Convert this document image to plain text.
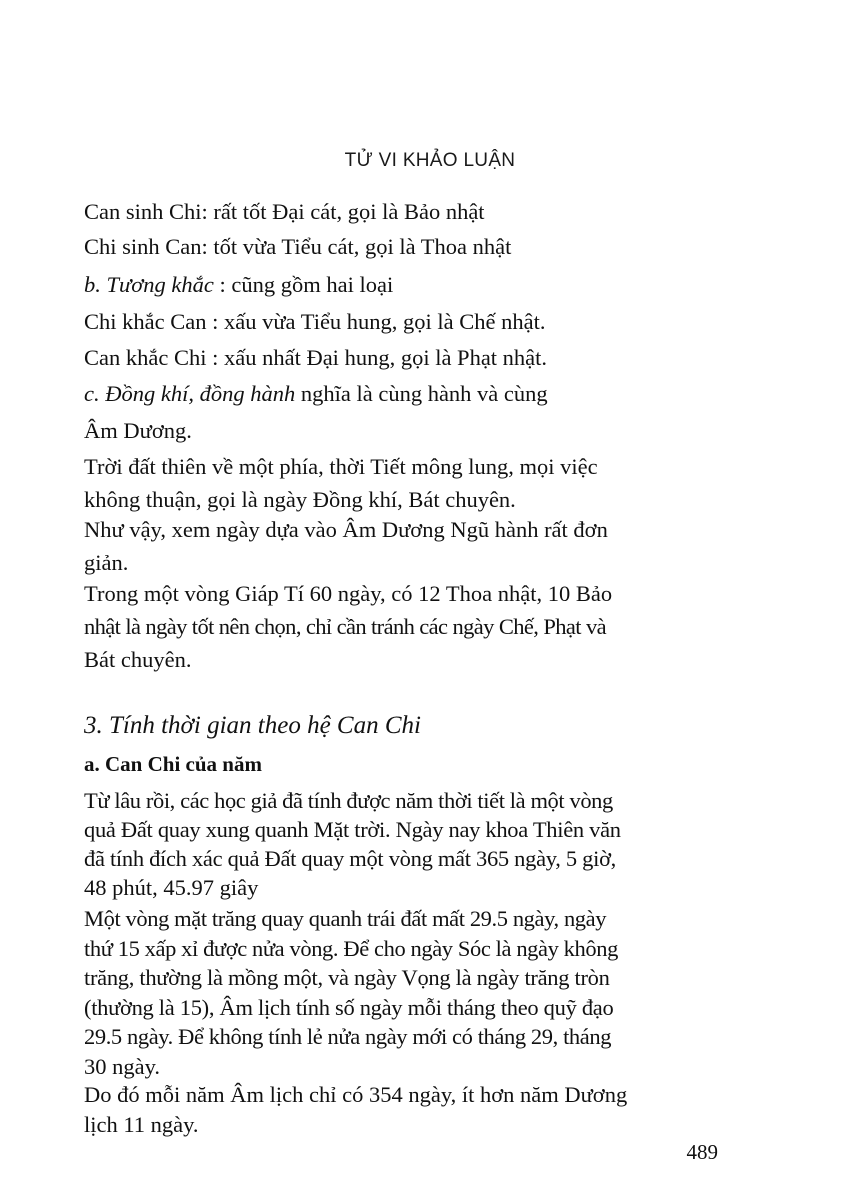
TỬ VI KHẢO LUẬN
Can sinh Chi: rất tốt Đại cát, gọi là Bảo nhật
Chi sinh Can: tốt vừa Tiểu cát, gọi là Thoa nhật
b. Tương khắc : cũng gồm hai loại
Chi khắc Can : xấu vừa Tiểu hung, gọi là Chế nhật.
Can khắc Chi : xấu nhất Đại hung, gọi là Phạt nhật.
c. Đồng khí, đồng hành nghĩa là cùng hành và cùng
Âm Dương.
Trời đất thiên về một phía, thời Tiết mông lung, mọi việc
không thuận, gọi là ngày Đồng khí, Bát chuyên.
Như vậy, xem ngày dựa vào Âm Dương Ngũ hành rất đơn
giản.
Trong một vòng Giáp Tí 60 ngày, có 12 Thoa nhật, 10 Bảo
nhật là ngày tốt nên chọn, chỉ cần tránh các ngày Chế, Phạt và
Bát chuyên.
3. Tính thời gian theo hệ Can Chi
a. Can Chi của năm
Từ lâu rồi, các học giả đã tính được năm thời tiết là một vòng
quả Đất quay xung quanh Mặt trời. Ngày nay khoa Thiên văn
đã tính đích xác quả Đất quay một vòng mất 365 ngày, 5 giờ,
48 phút, 45.97 giây
Một vòng mặt trăng quay quanh trái đất mất 29.5 ngày, ngày
thứ 15 xấp xỉ được nửa vòng. Để cho ngày Sóc là ngày không
trăng, thường là mồng một, và ngày Vọng là ngày trăng tròn
(thường là 15), Âm lịch tính số ngày mỗi tháng theo quỹ đạo
29.5 ngày. Để không tính lẻ nửa ngày mới có tháng 29, tháng
30 ngày.
Do đó mỗi năm Âm lịch chỉ có 354 ngày, ít hơn năm Dương
lịch 11 ngày.
489
